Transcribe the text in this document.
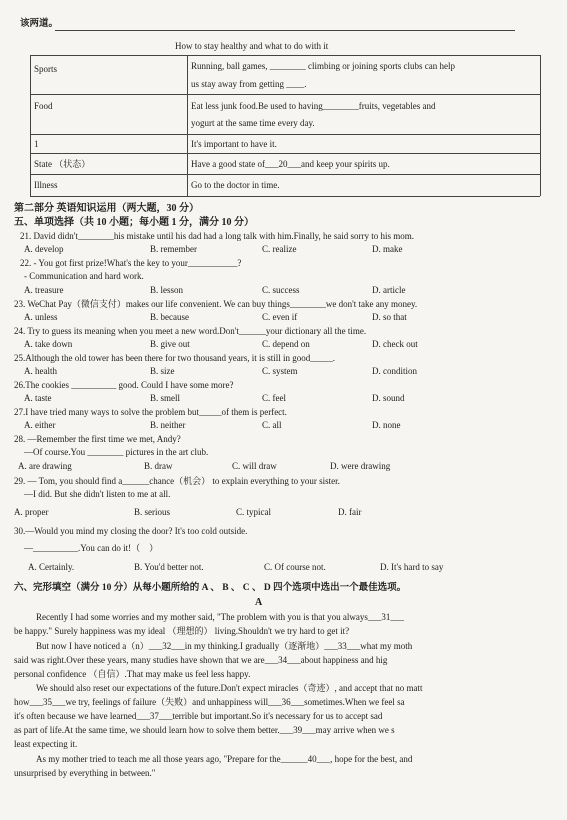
该两道。
How to stay healthy and what to do with it
Sports	Running, ball games, ________ climbing or joining sports clubs can help
us stay away from getting ____.
Food	Eat less junk food.Be used to having________fruits, vegetables and
yogurt at the same time every day.
1	It's important to have it.
State （状态）	Have a good state of___20___and keep your spirits up.
Illness	Go to the doctor in time.
第二部分 英语知识运用（两大题，30 分）
五、单项选择（共 10 小题；每小题 1 分，满分 10 分）
21. David didn't________his mistake until his dad had a long talk with him.Finally, he said sorry to his mom.
A. develop	B. remember	C. realize	D. make
22. - You got first prize!What's the key to your___________?
- Communication and hard work.
A. treasure	B. lesson	C. success	D. article
23. WeChat Pay（微信支付）makes our life convenient. We can buy things________we don't take any money.
A. unless	B. because	C. even if	D. so that
24. Try to guess its meaning when you meet a new word.Don't______your dictionary all the time.
A. take down	B. give out	C. depend on	D. check out
25.Although the old tower has been there for two thousand years, it is still in good_____.
A. health	B. size	C. system	D. condition
26.The cookies __________ good. Could I have some more?
A. taste	B. smell	C. feel	D. sound
27.I have tried many ways to solve the problem but_____of them is perfect.
A. either	B. neither	C. all	D. none
28. —Remember the first time we met, Andy?
—Of course.You ________ pictures in the art club.
A. are drawing	B. draw	C. will draw	D. were drawing
29. — Tom, you should find a______chance（机会） to explain everything to your sister.
—I did. But she didn't listen to me at all.
A. proper	B. serious	C. typical	D. fair
30.—Would you mind my closing the door? It's too cold outside.
—__________.You can do it!（　）
A. Certainly.	B. You'd better not.	C. Of course not.	D. It's hard to say
六、完形填空（满分 10 分）从每小题所给的 A 、 B 、 C 、 D 四个选项中选出一个最佳选项。
A
Recently I had some worries and my mother said, "The problem with you is that you always___31___
be happy." Surely happiness was my ideal （理想的） living.Shouldn't we try hard to get it?
But now I have noticed a（n）___32___in my thinking.I gradually（逐渐地）___33___what my moth
said was right.Over these years, many studies have shown that we are___34___about happiness and hig
personal confidence （自信）.That may make us feel less happy.
We should also reset our expectations of the future.Don't expect miracles（奇迹）, and accept that no matt
how___35___we try, feelings of failure（失败）and unhappiness will___36___sometimes.When we feel sa
it's often because we have learned___37___terrible but important.So it's necessary for us to accept sad
as part of life.At the same time, we should learn how to solve them better.___39___may arrive when we s
least expecting it.
As my mother tried to teach me all those years ago, "Prepare for the______40___, hope for the best, and
unsurprised by everything in between."
